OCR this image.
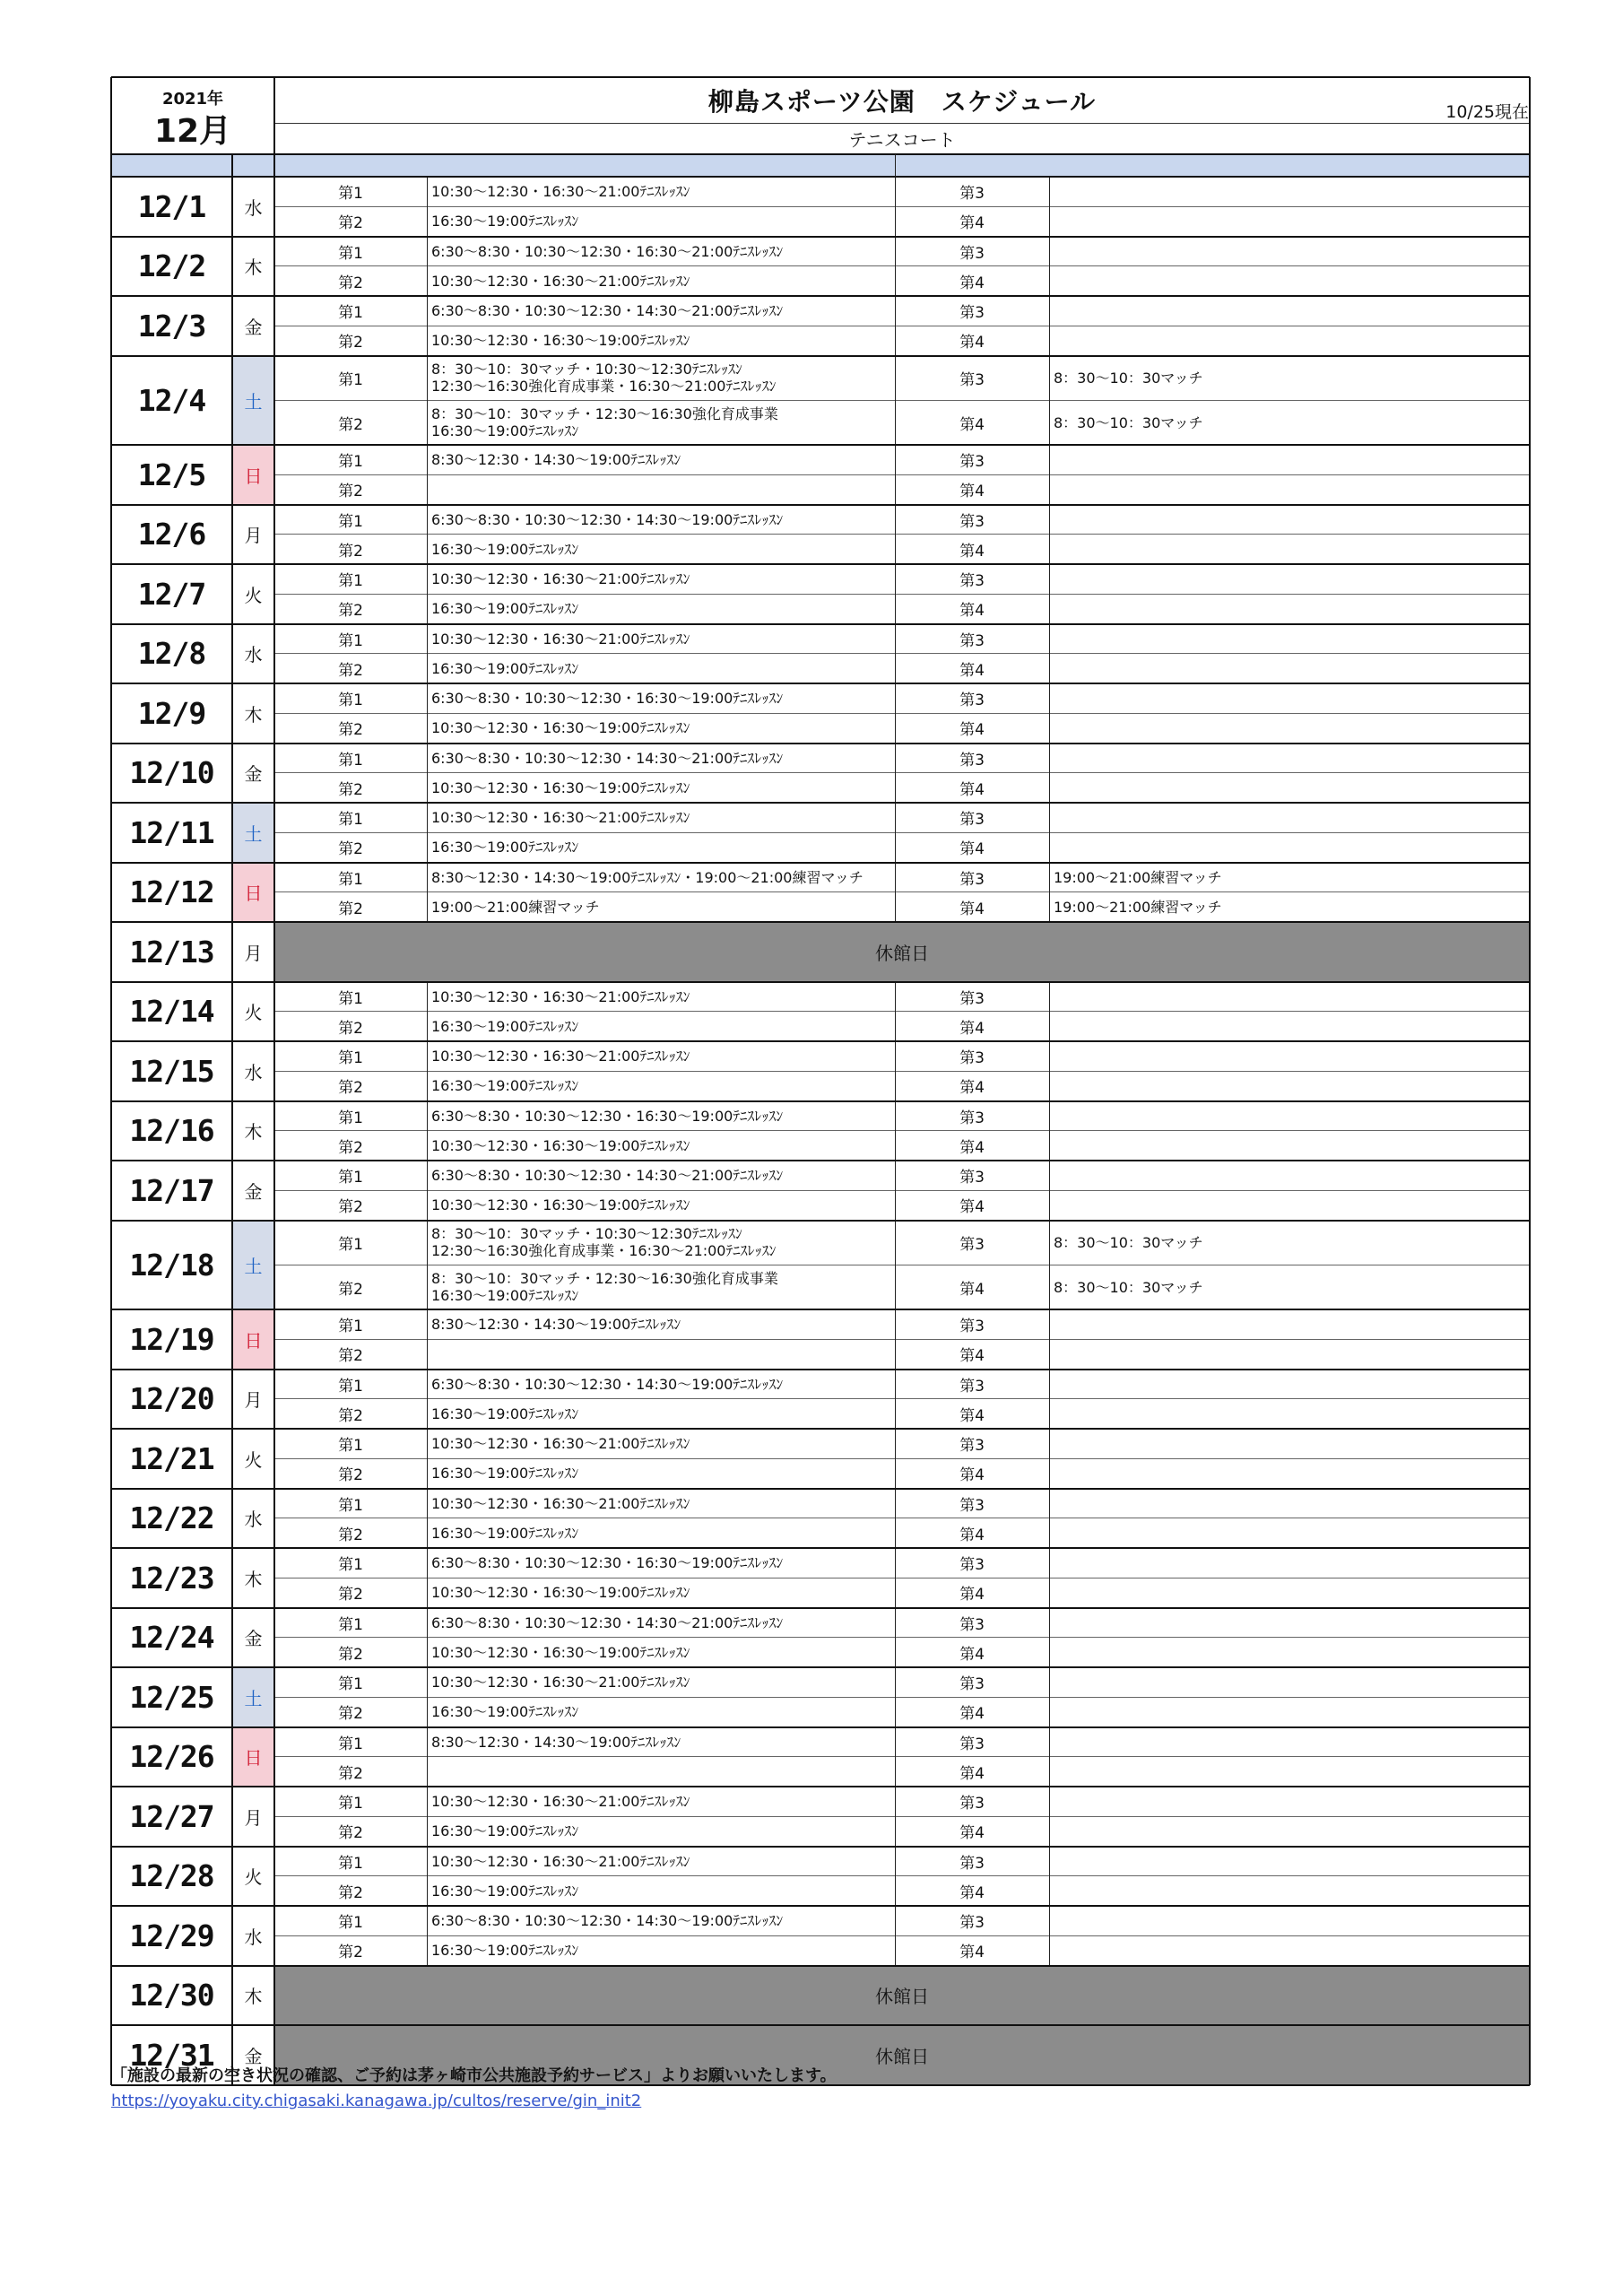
2021年
12月
柳島スポーツ公園　スケジュール	10/25現在
テニスコート
12/1	水
第1	10:30～12:30・16:30～21:00ﾃﾆｽﾚｯｽﾝ	第3
第2	16:30～19:00ﾃﾆｽﾚｯｽﾝ	第4
12/2	木
第1	6:30～8:30・10:30～12:30・16:30～21:00ﾃﾆｽﾚｯｽﾝ	第3
第2	10:30～12:30・16:30～21:00ﾃﾆｽﾚｯｽﾝ	第4
12/3	金
第1	6:30～8:30・10:30～12:30・14:30～21:00ﾃﾆｽﾚｯｽﾝ	第3
第2	10:30～12:30・16:30～19:00ﾃﾆｽﾚｯｽﾝ	第4
12/4	土
第1
8：30～10：30マッチ・10:30～12:30ﾃﾆｽﾚｯｽﾝ
12:30～16:30強化育成事業・16:30～21:00ﾃﾆｽﾚｯｽﾝ	第3	8：30～10：30マッチ
第2
8：30～10：30マッチ・12:30～16:30強化育成事業
16:30～19:00ﾃﾆｽﾚｯｽﾝ	第4	8：30～10：30マッチ
12/5	日
第1	8:30～12:30・14:30～19:00ﾃﾆｽﾚｯｽﾝ	第3
第2	第4
12/6	月
第1	6:30～8:30・10:30～12:30・14:30～19:00ﾃﾆｽﾚｯｽﾝ	第3
第2	16:30～19:00ﾃﾆｽﾚｯｽﾝ	第4
12/7	火
第1	10:30～12:30・16:30～21:00ﾃﾆｽﾚｯｽﾝ	第3
第2	16:30～19:00ﾃﾆｽﾚｯｽﾝ	第4
12/8	水
第1	10:30～12:30・16:30～21:00ﾃﾆｽﾚｯｽﾝ	第3
第2	16:30～19:00ﾃﾆｽﾚｯｽﾝ	第4
12/9	木
第1	6:30～8:30・10:30～12:30・16:30～19:00ﾃﾆｽﾚｯｽﾝ	第3
第2	10:30～12:30・16:30～19:00ﾃﾆｽﾚｯｽﾝ	第4
12/10	金
第1	6:30～8:30・10:30～12:30・14:30～21:00ﾃﾆｽﾚｯｽﾝ	第3
第2	10:30～12:30・16:30～19:00ﾃﾆｽﾚｯｽﾝ	第4
12/11	土
第1	10:30～12:30・16:30～21:00ﾃﾆｽﾚｯｽﾝ	第3
第2	16:30～19:00ﾃﾆｽﾚｯｽﾝ	第4
12/12	日
第1	8:30～12:30・14:30～19:00ﾃﾆｽﾚｯｽﾝ・19:00～21:00練習マッチ	第3	19:00～21:00練習マッチ
第2	19:00～21:00練習マッチ	第4	19:00～21:00練習マッチ
12/13	月	休館日
12/14	火
第1	10:30～12:30・16:30～21:00ﾃﾆｽﾚｯｽﾝ	第3
第2	16:30～19:00ﾃﾆｽﾚｯｽﾝ	第4
12/15	水
第1	10:30～12:30・16:30～21:00ﾃﾆｽﾚｯｽﾝ	第3
第2	16:30～19:00ﾃﾆｽﾚｯｽﾝ	第4
12/16	木
第1	6:30～8:30・10:30～12:30・16:30～19:00ﾃﾆｽﾚｯｽﾝ	第3
第2	10:30～12:30・16:30～19:00ﾃﾆｽﾚｯｽﾝ	第4
12/17	金
第1	6:30～8:30・10:30～12:30・14:30～21:00ﾃﾆｽﾚｯｽﾝ	第3
第2	10:30～12:30・16:30～19:00ﾃﾆｽﾚｯｽﾝ	第4
12/18	土
第1
8：30～10：30マッチ・10:30～12:30ﾃﾆｽﾚｯｽﾝ
12:30～16:30強化育成事業・16:30～21:00ﾃﾆｽﾚｯｽﾝ	第3	8：30～10：30マッチ
第2
8：30～10：30マッチ・12:30～16:30強化育成事業
16:30～19:00ﾃﾆｽﾚｯｽﾝ	第4	8：30～10：30マッチ
12/19	日
第1	8:30～12:30・14:30～19:00ﾃﾆｽﾚｯｽﾝ	第3
第2	第4
12/20	月
第1	6:30～8:30・10:30～12:30・14:30～19:00ﾃﾆｽﾚｯｽﾝ	第3
第2	16:30～19:00ﾃﾆｽﾚｯｽﾝ	第4
12/21	火
第1	10:30～12:30・16:30～21:00ﾃﾆｽﾚｯｽﾝ	第3
第2	16:30～19:00ﾃﾆｽﾚｯｽﾝ	第4
12/22	水
第1	10:30～12:30・16:30～21:00ﾃﾆｽﾚｯｽﾝ	第3
第2	16:30～19:00ﾃﾆｽﾚｯｽﾝ	第4
12/23	木
第1	6:30～8:30・10:30～12:30・16:30～19:00ﾃﾆｽﾚｯｽﾝ	第3
第2	10:30～12:30・16:30～19:00ﾃﾆｽﾚｯｽﾝ	第4
12/24	金
第1	6:30～8:30・10:30～12:30・14:30～21:00ﾃﾆｽﾚｯｽﾝ	第3
第2	10:30～12:30・16:30～19:00ﾃﾆｽﾚｯｽﾝ	第4
12/25	土
第1	10:30～12:30・16:30～21:00ﾃﾆｽﾚｯｽﾝ	第3
第2	16:30～19:00ﾃﾆｽﾚｯｽﾝ	第4
12/26	日
第1	8:30～12:30・14:30～19:00ﾃﾆｽﾚｯｽﾝ	第3
第2	第4
12/27	月
第1	10:30～12:30・16:30～21:00ﾃﾆｽﾚｯｽﾝ	第3
第2	16:30～19:00ﾃﾆｽﾚｯｽﾝ	第4
12/28	火
第1	10:30～12:30・16:30～21:00ﾃﾆｽﾚｯｽﾝ	第3
第2	16:30～19:00ﾃﾆｽﾚｯｽﾝ	第4
12/29	水
第1	6:30～8:30・10:30～12:30・14:30～19:00ﾃﾆｽﾚｯｽﾝ	第3
第2	16:30～19:00ﾃﾆｽﾚｯｽﾝ	第4
12/30	木	休館日
12/31	金	休館日
「施設の最新の空き状況の確認、ご予約は茅ヶ崎市公共施設予約サービス」よりお願いいたします。
https://yoyaku.city.chigasaki.kanagawa.jp/cultos/reserve/gin_init2
